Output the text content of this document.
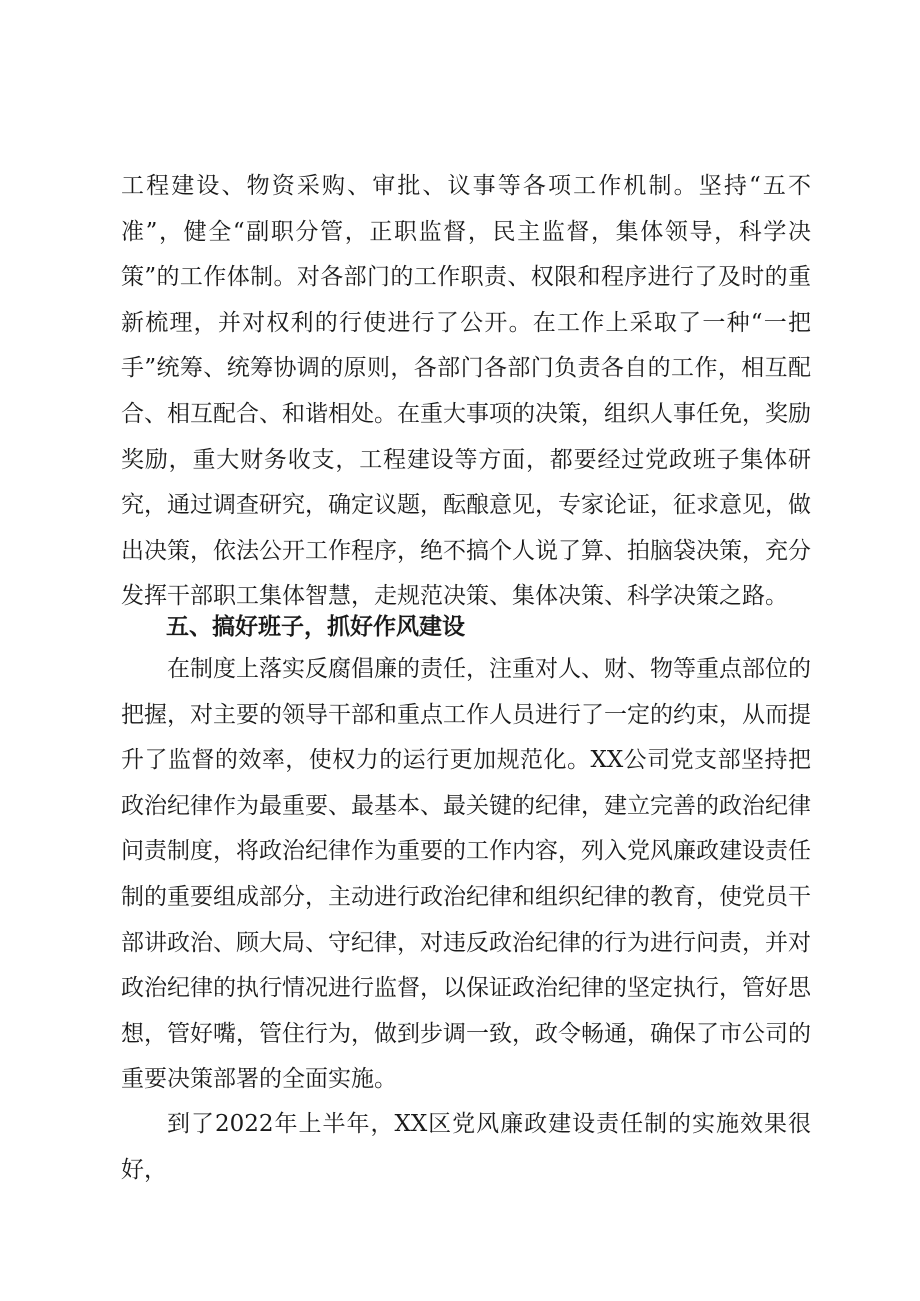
工程建设、物资采购、审批、议事等各项工作机制。坚持“五不准”，健全“副职分管，正职监督，民主监督，集体领导，科学决策”的工作体制。对各部门的工作职责、权限和程序进行了及时的重新梳理，并对权利的行使进行了公开。在工作上采取了一种“一把手”统筹、统筹协调的原则，各部门各部门负责各自的工作，相互配合、相互配合、和谐相处。在重大事项的决策，组织人事任免，奖励奖励，重大财务收支，工程建设等方面，都要经过党政班子集体研究，通过调查研究，确定议题，酝酿意见，专家论证，征求意见，做出决策，依法公开工作程序，绝不搞个人说了算、拍脑袋决策，充分发挥干部职工集体智慧，走规范决策、集体决策、科学决策之路。

五、搞好班子，抓好作风建设

在制度上落实反腐倡廉的责任，注重对人、财、物等重点部位的把握，对主要的领导干部和重点工作人员进行了一定的约束，从而提升了监督的效率，使权力的运行更加规范化。XX公司党支部坚持把政治纪律作为最重要、最基本、最关键的纪律，建立完善的政治纪律问责制度，将政治纪律作为重要的工作内容，列入党风廉政建设责任制的重要组成部分，主动进行政治纪律和组织纪律的教育，使党员干部讲政治、顾大局、守纪律，对违反政治纪律的行为进行问责，并对政治纪律的执行情况进行监督，以保证政治纪律的坚定执行，管好思想，管好嘴，管住行为，做到步调一致，政令畅通，确保了市公司的重要决策部署的全面实施。

到了2022年上半年，XX区党风廉政建设责任制的实施效果很好，
